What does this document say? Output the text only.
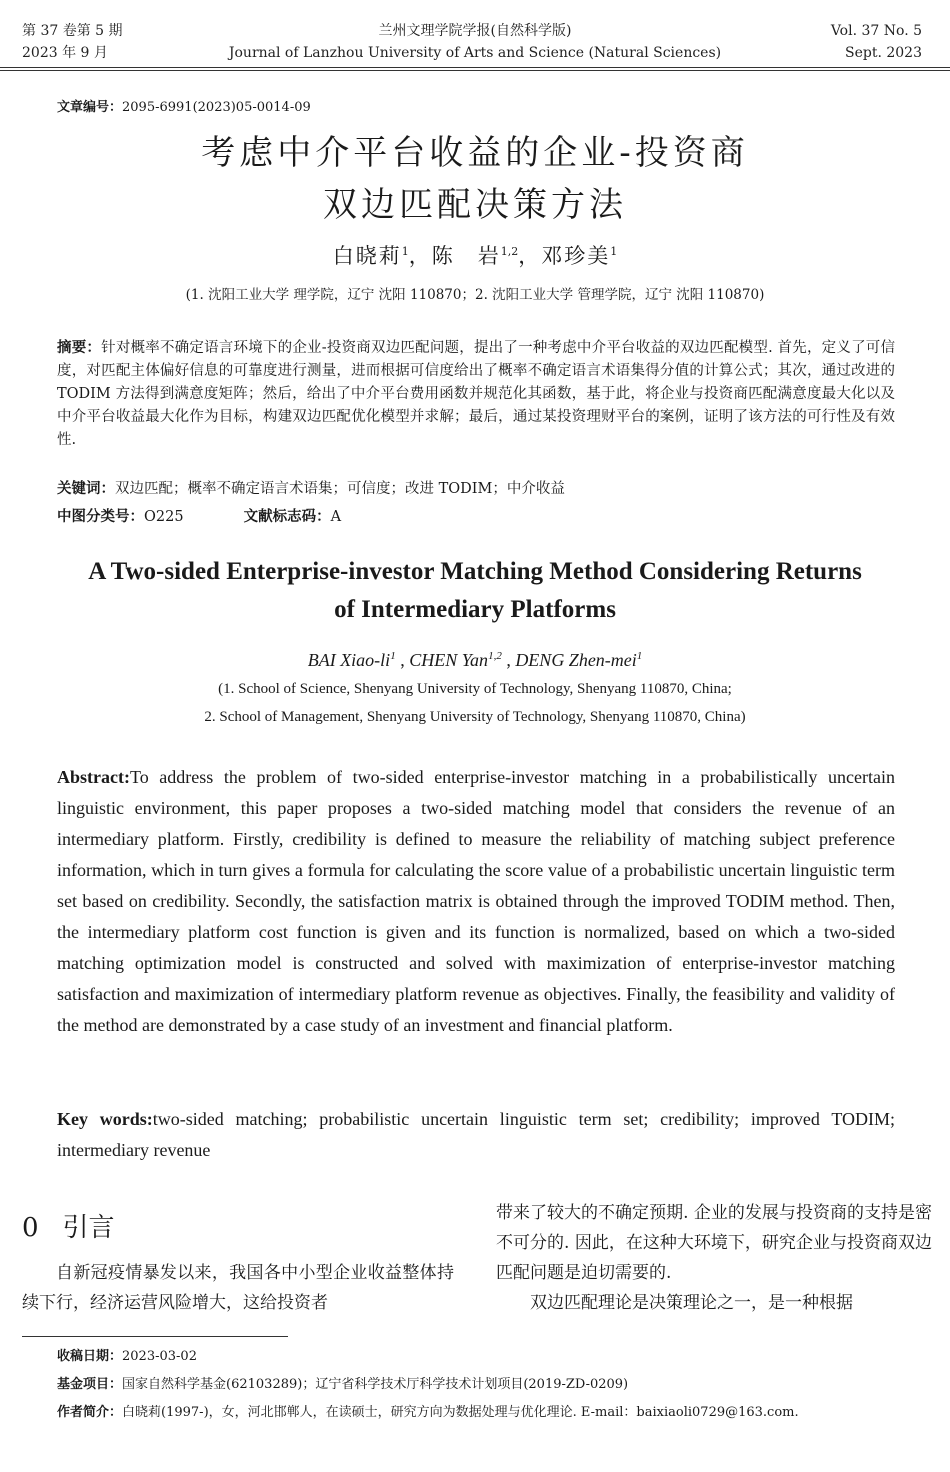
第 37 卷第 5 期
2023 年 9 月
兰州文理学院学报(自然科学版)
Journal of Lanzhou University of Arts and Science (Natural Sciences)
Vol. 37 No. 5
Sept. 2023
文章编号：2095-6991(2023)05-0014-09
考虑中介平台收益的企业-投资商
双边匹配决策方法
白晓莉$^1$，陈　岩$^{1,2}$，邓珍美$^1$
(1. 沈阳工业大学 理学院，辽宁 沈阳 110870；2. 沈阳工业大学 管理学院，辽宁 沈阳 110870)
摘要：针对概率不确定语言环境下的企业-投资商双边匹配问题，提出了一种考虑中介平台收益的双边匹配模型. 首先，定义了可信度，对匹配主体偏好信息的可靠度进行测量，进而根据可信度给出了概率不确定语言术语集得分值的计算公式；其次，通过改进的 TODIM 方法得到满意度矩阵；然后，给出了中介平台费用函数并规范化其函数，基于此，将企业与投资商匹配满意度最大化以及中介平台收益最大化作为目标，构建双边匹配优化模型并求解；最后，通过某投资理财平台的案例，证明了该方法的可行性及有效性.
关键词：双边匹配；概率不确定语言术语集；可信度；改进 TODIM；中介收益
中图分类号：O225	文献标志码：A
A Two-sided Enterprise-investor Matching Method Considering Returns
of Intermediary Platforms
BAI Xiao-$li^1$ , CHEN Yan$^{1,2}$ , DENG Zhen-mei$^1$
(1. School of Science, Shenyang University of Technology, Shenyang 110870, China;
2. School of Management, Shenyang University of Technology, Shenyang 110870, China)
Abstract:To address the problem of two-sided enterprise-investor matching in a probabilistically uncertain linguistic environment, this paper proposes a two-sided matching model that considers the revenue of an intermediary platform. Firstly, credibility is defined to measure the reliability of matching subject preference information, which in turn gives a formula for calculating the score value of a probabilistic uncertain linguistic term set based on credibility. Secondly, the satisfaction matrix is obtained through the improved TODIM method. Then, the intermediary platform cost function is given and its function is normalized, based on which a two-sided matching optimization model is constructed and solved with maximization of enterprise-investor matching satisfaction and maximization of intermediary platform revenue as objectives. Finally, the feasibility and validity of the method are demonstrated by a case study of an investment and financial platform.
Key words:two-sided matching; probabilistic uncertain linguistic term set; credibility; improved TODIM; intermediary revenue
0 引言
自新冠疫情暴发以来，我国各中小型企业收益整体持续下行，经济运营风险增大，这给投资者
带来了较大的不确定预期. 企业的发展与投资商的支持是密不可分的. 因此，在这种大环境下，研究企业与投资商双边匹配问题是迫切需要的.
双边匹配理论是决策理论之一，是一种根据
收稿日期：2023-03-02
基金项目：国家自然科学基金(62103289)；辽宁省科学技术厅科学技术计划项目(2019-ZD-0209)
作者简介：白晓莉(1997-)，女，河北邯郸人，在读硕士，研究方向为数据处理与优化理论. E-mail：baixiaoli0729@163.com.
